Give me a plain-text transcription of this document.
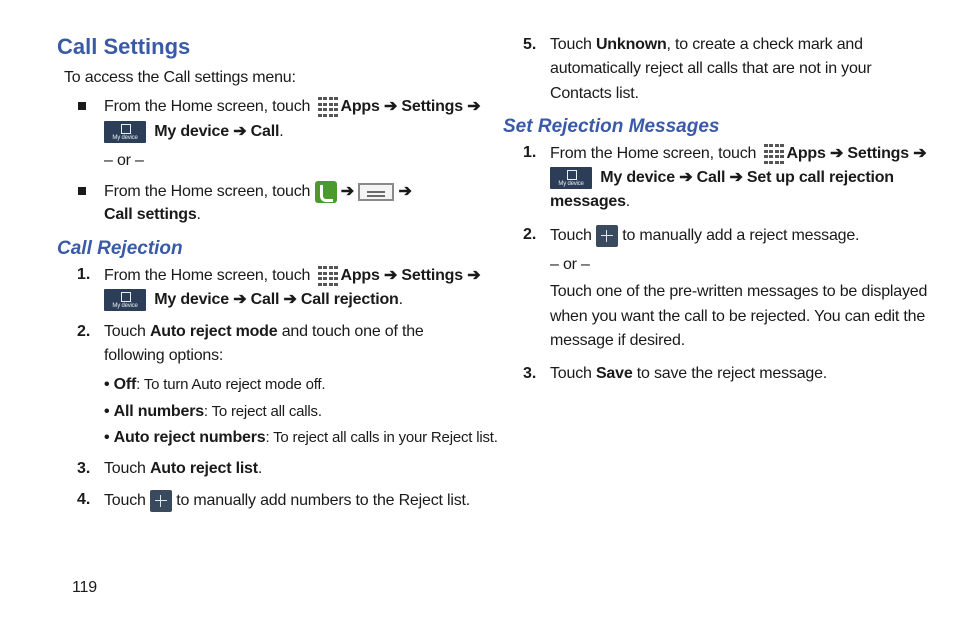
Call Settings
To access the Call settings menu:
From the Home screen, touch Apps ➔ Settings ➔
My device	My device ➔ Call.
– or –
From the Home screen, touch ➔	➔
Call settings.
Call Rejection
1. From the Home screen, touch Apps ➔ Settings ➔
My device	My device ➔ Call ➔ Call rejection.
2. Touch Auto reject mode and touch one of the
following options:
• Off: To turn Auto reject mode off.
• All numbers: To reject all calls.
• Auto reject numbers: To reject all calls in your Reject list.
3. Touch Auto reject list.
4. Touch to manually add numbers to the Reject list.
119
5. Touch Unknown, to create a check mark and
automatically reject all calls that are not in your
Contacts list.
Set Rejection Messages
1. From the Home screen, touch Apps ➔ Settings ➔
My device	My device ➔ Call ➔ Set up call rejection
messages.
2. Touch to manually add a reject message.
– or –
Touch one of the pre-written messages to be displayed
when you want the call to be rejected. You can edit the
message if desired.
3. Touch Save to save the reject message.
